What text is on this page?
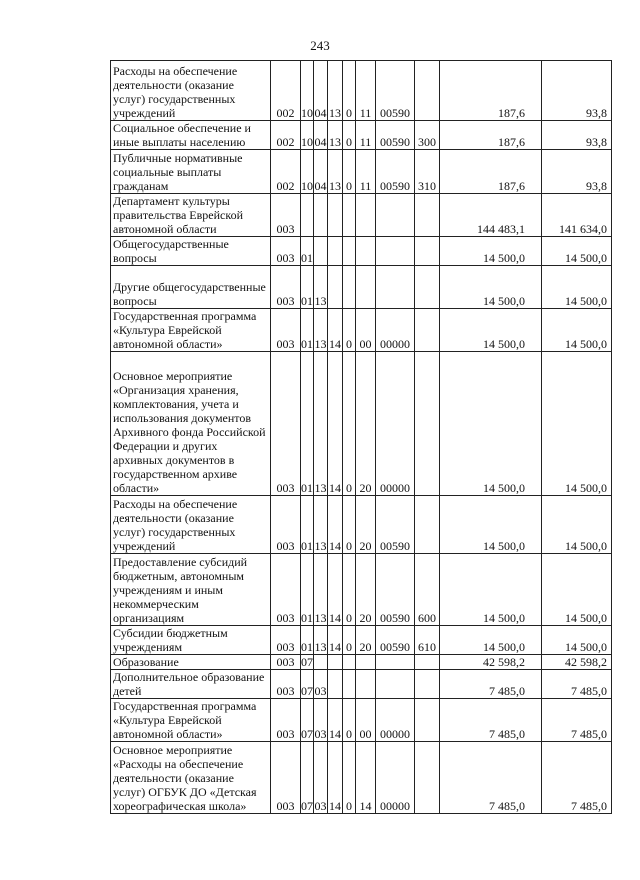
243
Расходы на обеспечение деятельности (оказание услуг) государственных учреждений	002	10	04	13	0	11	00590		187,6	93,8
Социальное обеспечение и иные выплаты населению	002	10	04	13	0	11	00590	300	187,6	93,8
Публичные нормативные социальные выплаты гражданам	002	10	04	13	0	11	00590	310	187,6	93,8
Департамент культуры правительства Еврейской автономной области	003								144 483,1	141 634,0
Общегосударственные вопросы	003	01							14 500,0	14 500,0
Другие общегосударственные вопросы	003	01	13						14 500,0	14 500,0
Государственная программа «Культура Еврейской автономной области»	003	01	13	14	0	00	00000		14 500,0	14 500,0
Основное мероприятие «Организация хранения, комплектования, учета и использования документов Архивного фонда Российской Федерации и других архивных документов в государственном архиве области»	003	01	13	14	0	20	00000		14 500,0	14 500,0
Расходы на обеспечение деятельности (оказание услуг) государственных учреждений	003	01	13	14	0	20	00590		14 500,0	14 500,0
Предоставление субсидий бюджетным, автономным учреждениям и иным некоммерческим организациям	003	01	13	14	0	20	00590	600	14 500,0	14 500,0
Субсидии бюджетным учреждениям	003	01	13	14	0	20	00590	610	14 500,0	14 500,0
Образование	003	07							42 598,2	42 598,2
Дополнительное образование детей	003	07	03						7 485,0	7 485,0
Государственная программа «Культура Еврейской автономной области»	003	07	03	14	0	00	00000		7 485,0	7 485,0
Основное мероприятие «Расходы на обеспечение деятельности (оказание услуг) ОГБУК ДО «Детская хореографическая школа»	003	07	03	14	0	14	00000		7 485,0	7 485,0
